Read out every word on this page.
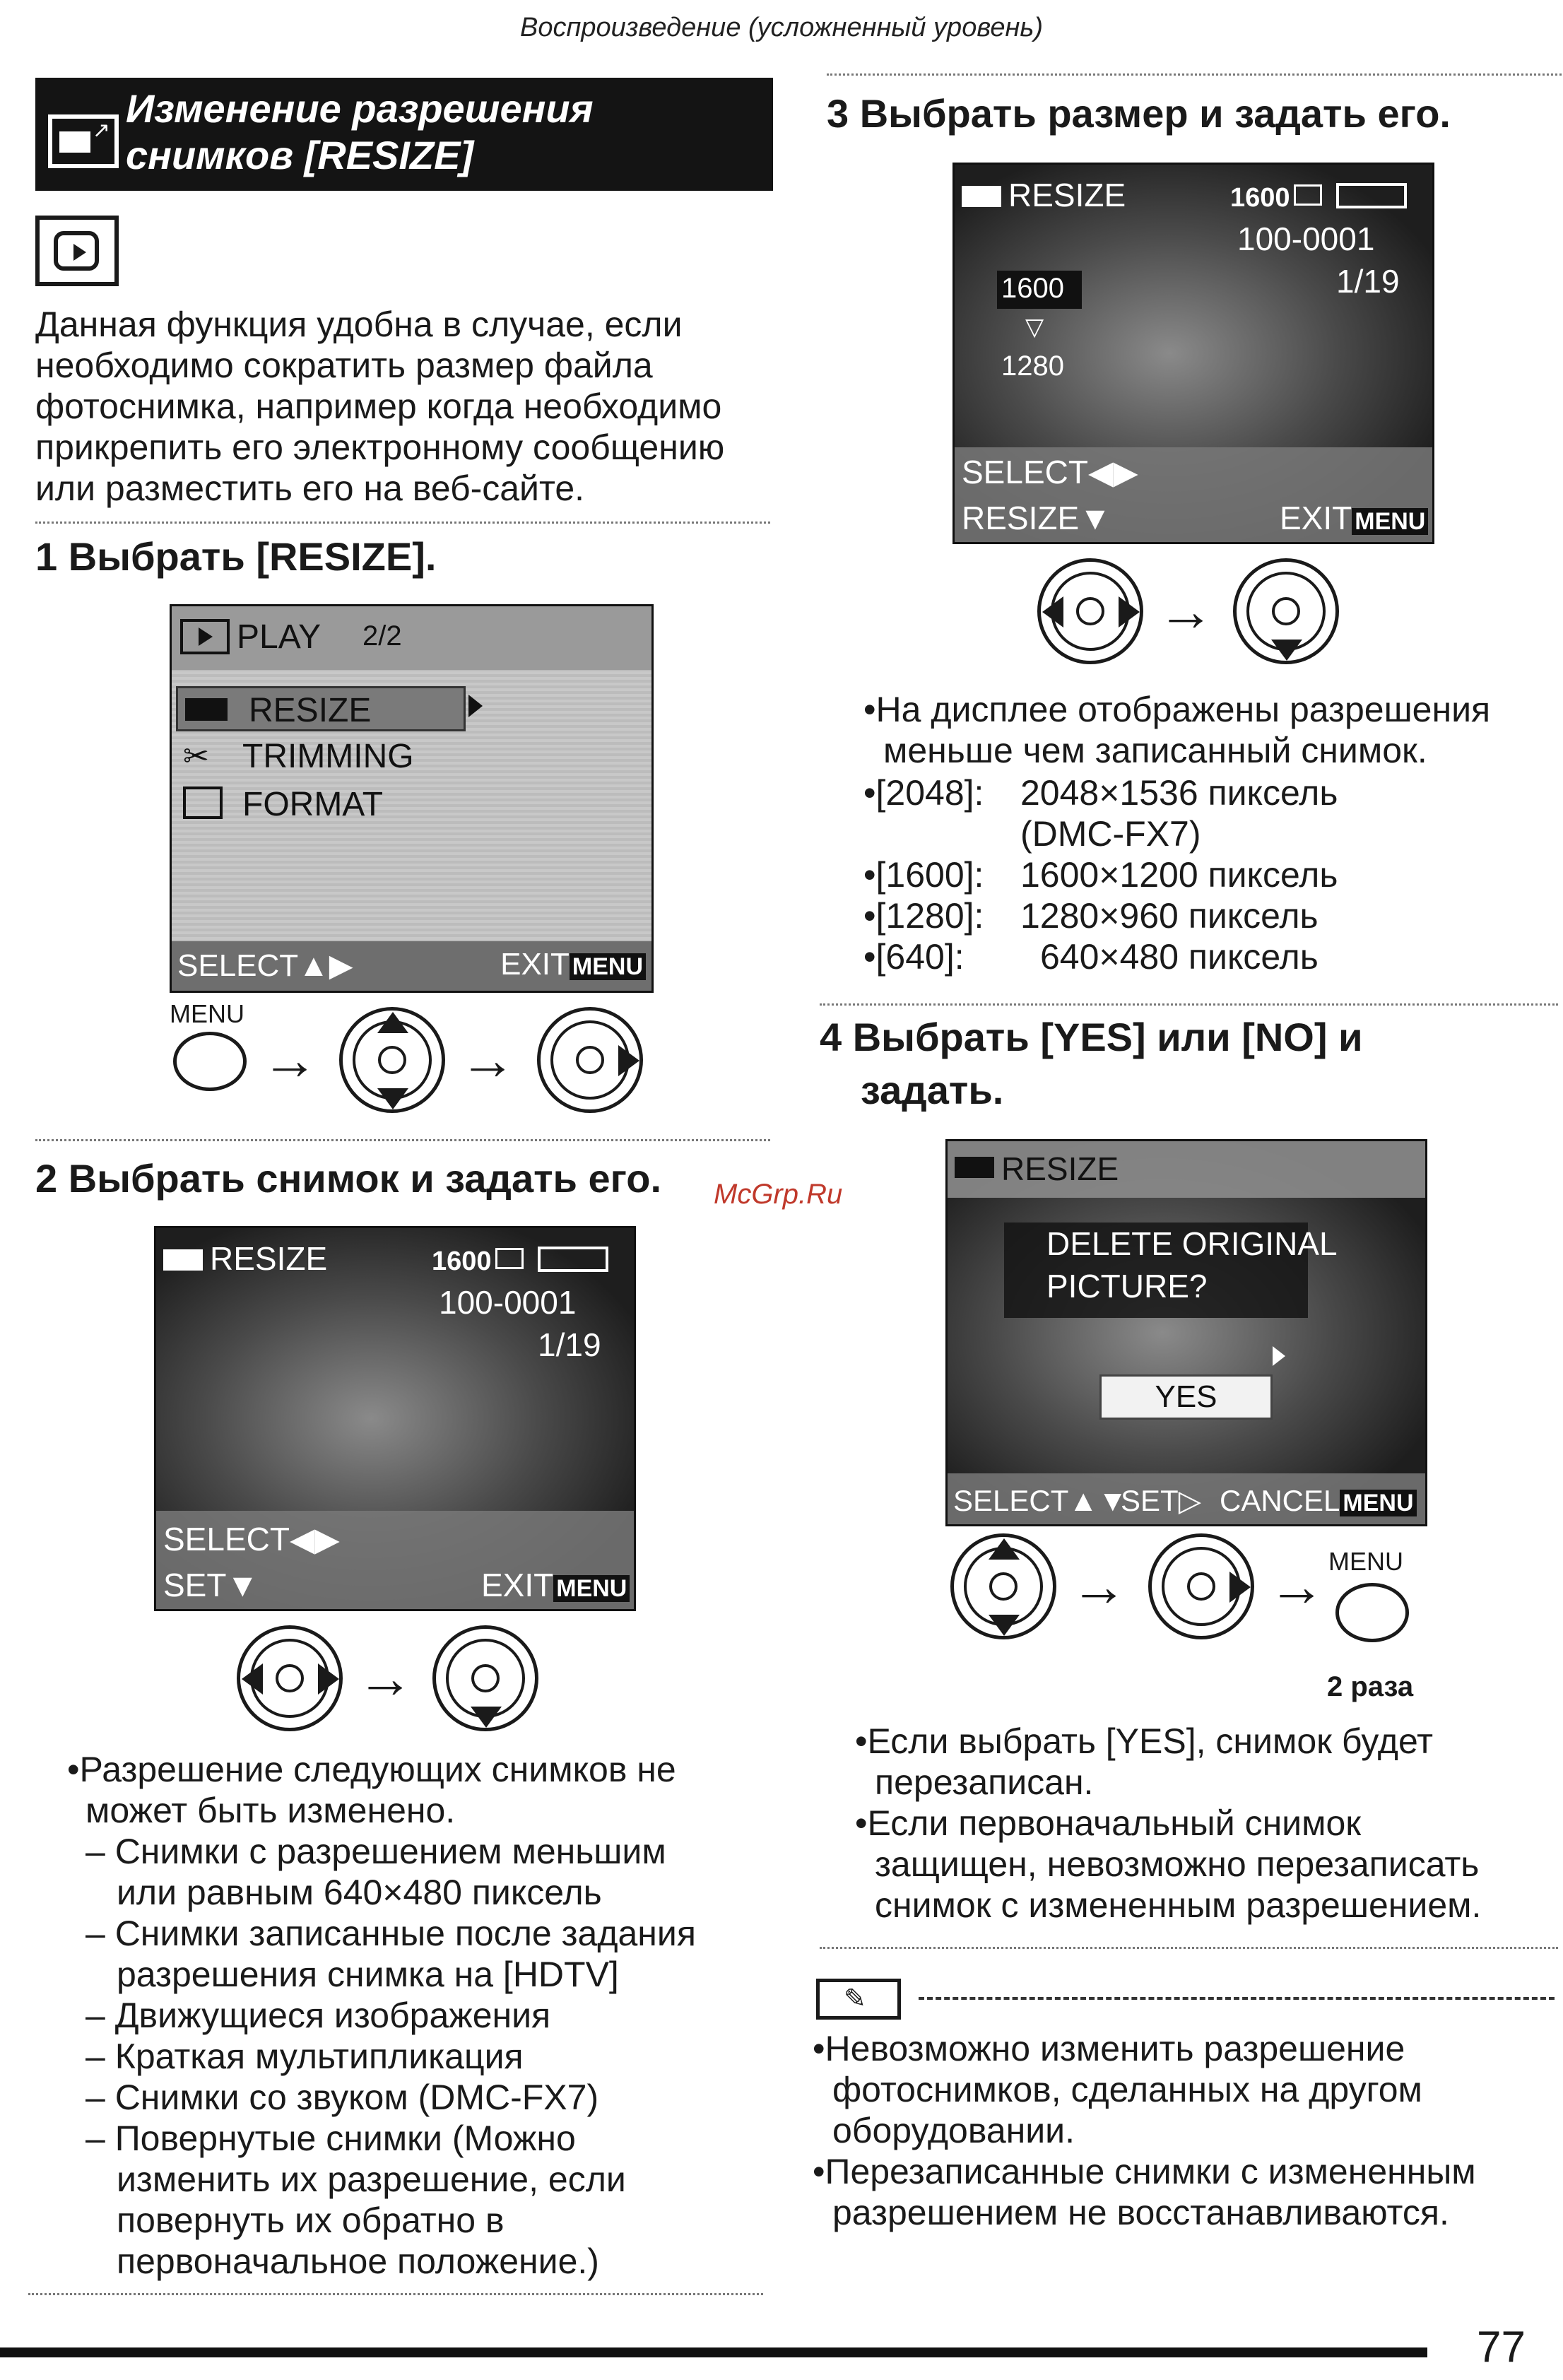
Воспроизведение (усложненный уровень)
↗ Изменение разрешения
снимков [RESIZE]
Данная функция удобна в случае, если
необходимо сократить размер файла
фотоснимка, например когда необходимо
прикрепить его электронному сообщению
или разместить его на веб-сайте.
1 Выбрать [RESIZE].
PLAY 2/2
RESIZE
✂ TRIMMING
FORMAT
SELECT▲▶	EXIT MENU
MENU
→	→
2 Выбрать снимок и задать его. McGrp.Ru
RESIZE	1600
100-0001
1/19
SELECT◀▶
SET▼	EXIT MENU
→
•Разрешение следующих снимков не
может быть изменено.
– Снимки с разрешением меньшим
или равным 640×480 пиксель
– Снимки записанные после задания
разрешения снимка на [HDTV]
– Движущиеся изображения
– Краткая мультипликация
– Снимки со звуком (DMC-FX7)
– Повернутые снимки (Можно
изменить их разрешение, если
повернуть их обратно в
первоначальное положение.)
3 Выбрать размер и задать его.
RESIZE	1600
100-0001
1/19
1600
▽
1280
SELECT◀▶
RESIZE▼	EXIT MENU
→
•На дисплее отображены разрешения
меньше чем записанный снимок.
•[2048]: 2048×1536 пиксель
(DMC-FX7)
•[1600]: 1600×1200 пиксель
•[1280]: 1280×960 пиксель
•[640]: 640×480 пиксель
4 Выбрать [YES] или [NO] и
задать.
RESIZE
DELETE ORIGINAL
PICTURE?
YES
SELECT▲▼
SET▷ CANCEL MENU
→	→ MENU
2 раза
•Если выбрать [YES], снимок будет
перезаписан.
•Если первоначальный снимок
защищен, невозможно перезаписать
снимок с измененным разрешением.
✎
•Невозможно изменить разрешение
фотоснимков, сделанных на другом
оборудовании.
•Перезаписанные снимки с измененным
разрешением не восстанавливаются.
77
